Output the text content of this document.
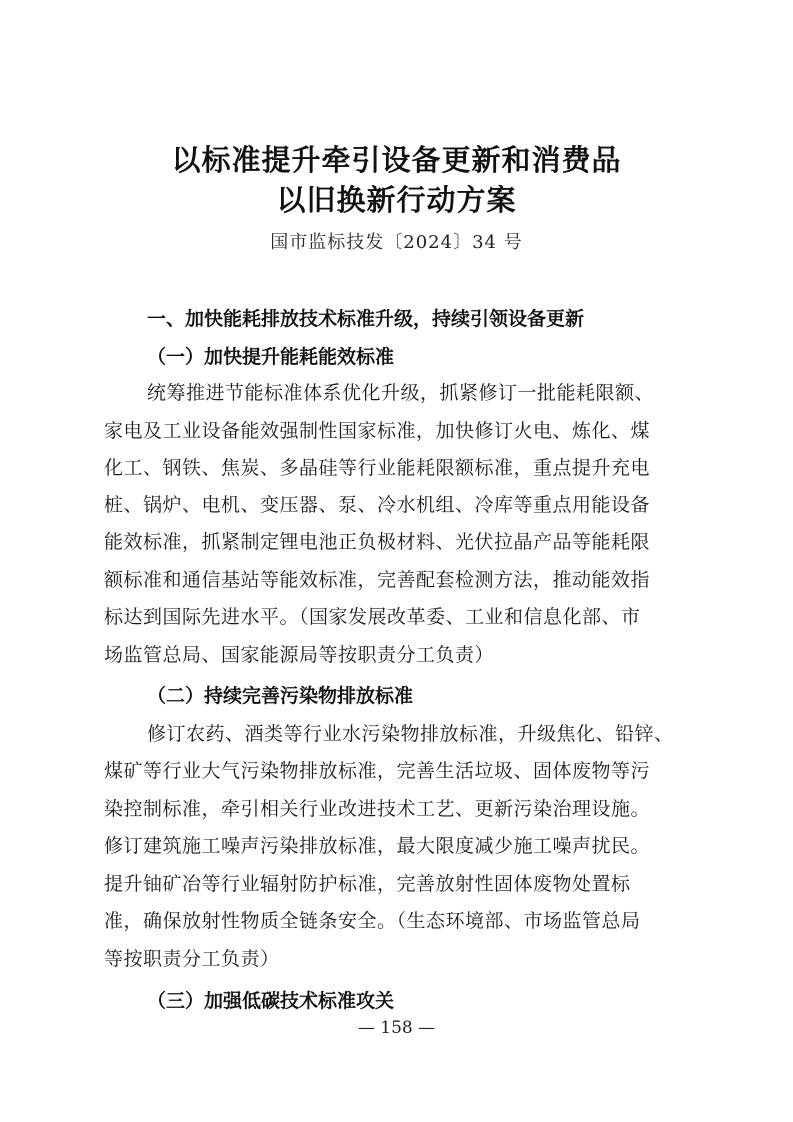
以标准提升牵引设备更新和消费品
以旧换新行动方案
国市监标技发〔2024〕34 号
一、加快能耗排放技术标准升级，持续引领设备更新
（一）加快提升能耗能效标准
统筹推进节能标准体系优化升级，抓紧修订一批能耗限额、
家电及工业设备能效强制性国家标准，加快修订火电、炼化、煤
化工、钢铁、焦炭、多晶硅等行业能耗限额标准，重点提升充电
桩、锅炉、电机、变压器、泵、冷水机组、冷库等重点用能设备
能效标准，抓紧制定锂电池正负极材料、光伏拉晶产品等能耗限
额标准和通信基站等能效标准，完善配套检测方法，推动能效指
标达到国际先进水平。（国家发展改革委、工业和信息化部、市
场监管总局、国家能源局等按职责分工负责）
（二）持续完善污染物排放标准
修订农药、酒类等行业水污染物排放标准，升级焦化、铅锌、
煤矿等行业大气污染物排放标准，完善生活垃圾、固体废物等污
染控制标准，牵引相关行业改进技术工艺、更新污染治理设施。
修订建筑施工噪声污染排放标准，最大限度减少施工噪声扰民。
提升铀矿冶等行业辐射防护标准，完善放射性固体废物处置标
准，确保放射性物质全链条安全。（生态环境部、市场监管总局
等按职责分工负责）
（三）加强低碳技术标准攻关
— 158 —
